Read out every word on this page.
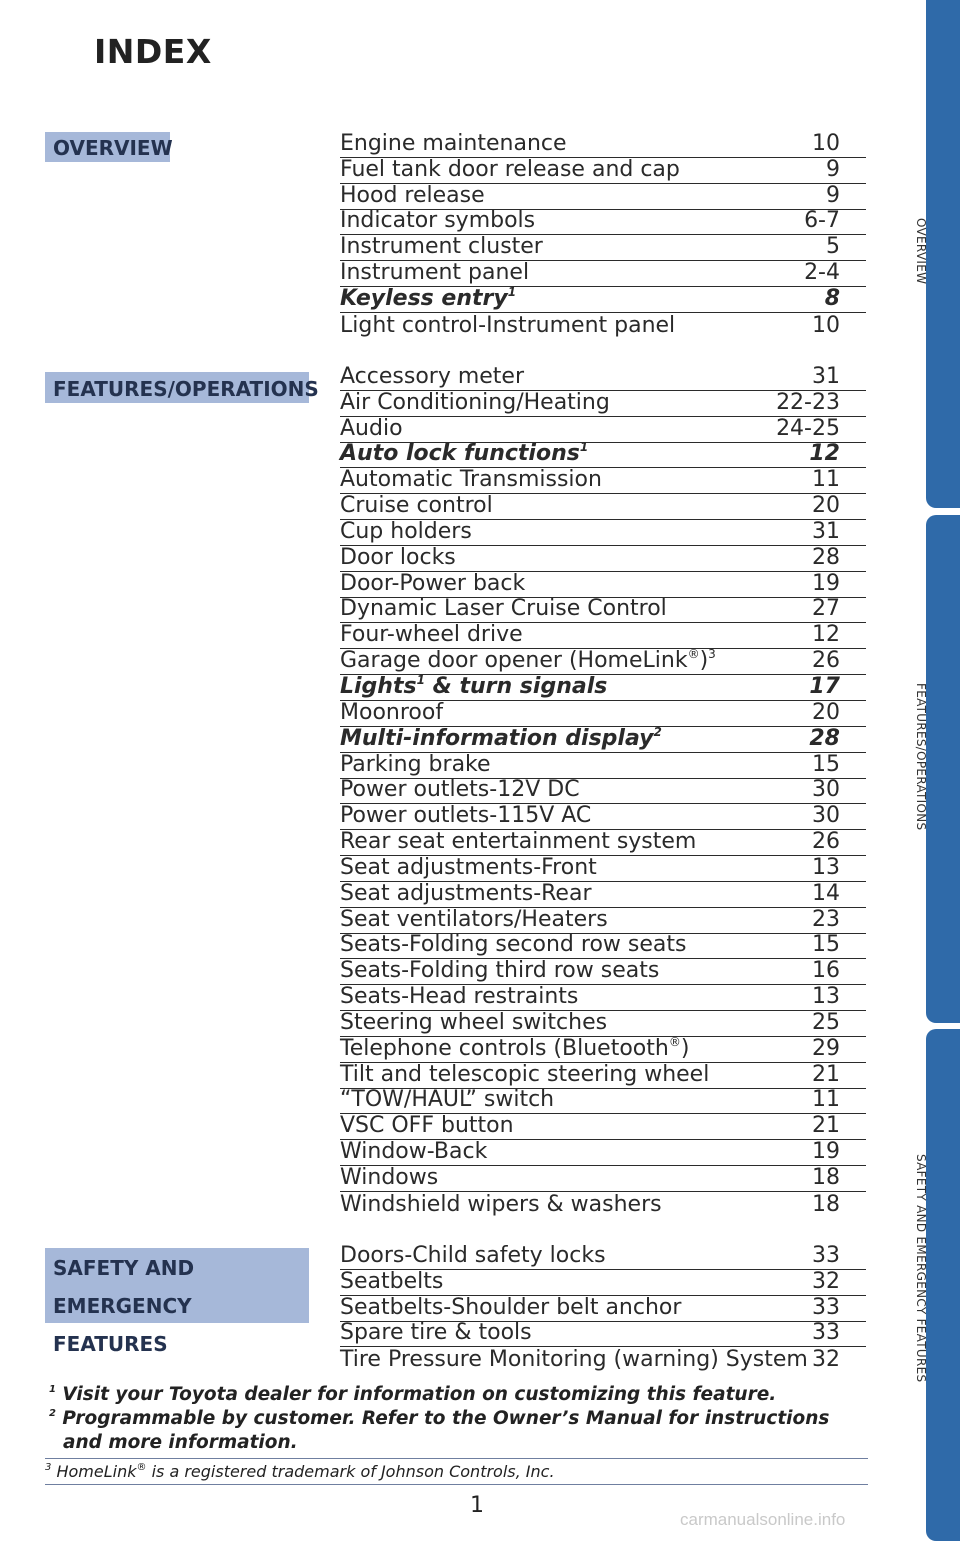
INDEX
OVERVIEW
FEATURES/OPERATIONS
SAFETY AND
EMERGENCY FEATURES
Engine maintenance	10
Fuel tank door release and cap	9
Hood release	9
Indicator symbols	6-7
Instrument cluster	5
Instrument panel	2-4
Keyless entry$^1$	8
Light control-Instrument panel	10
Accessory meter	31
Air Conditioning/Heating	22-23
Audio	24-25
Auto lock functions$^1$	12
Automatic Transmission	11
Cruise control	20
Cup holders	31
Door locks	28
Door-Power back	19
Dynamic Laser Cruise Control	27
Four-wheel drive	12
Garage door opener (HomeLink®)$^3$	26
Lights$^1$ & turn signals	17
Moonroof	20
Multi-information display$^2$	28
Parking brake	15
Power outlets-12V DC	30
Power outlets-115V AC	30
Rear seat entertainment system	26
Seat adjustments-Front	13
Seat adjustments-Rear	14
Seat ventilators/Heaters	23
Seats-Folding second row seats	15
Seats-Folding third row seats	16
Seats-Head restraints	13
Steering wheel switches	25
Telephone controls (Bluetooth®)	29
Tilt and telescopic steering wheel	21
“TOW/HAUL” switch	11
VSC OFF button	21
Window-Back	19
Windows	18
Windshield wipers & washers	18
Doors-Child safety locks	33
Seatbelts	32
Seatbelts-Shoulder belt anchor	33
Spare tire & tools	33
Tire Pressure Monitoring (warning) System 32
$^1$ Visit your Toyota dealer for information on customizing this feature.
$^2$ Programmable by customer. Refer to the Owner’s Manual for instructions and more information.
$^3$ HomeLink® is a registered trademark of Johnson Controls, Inc.
1
OVERVIEW
FEATURES/OPERATIONS
SAFETY AND EMERGENCY FEATURES
carmanualsonline.info
